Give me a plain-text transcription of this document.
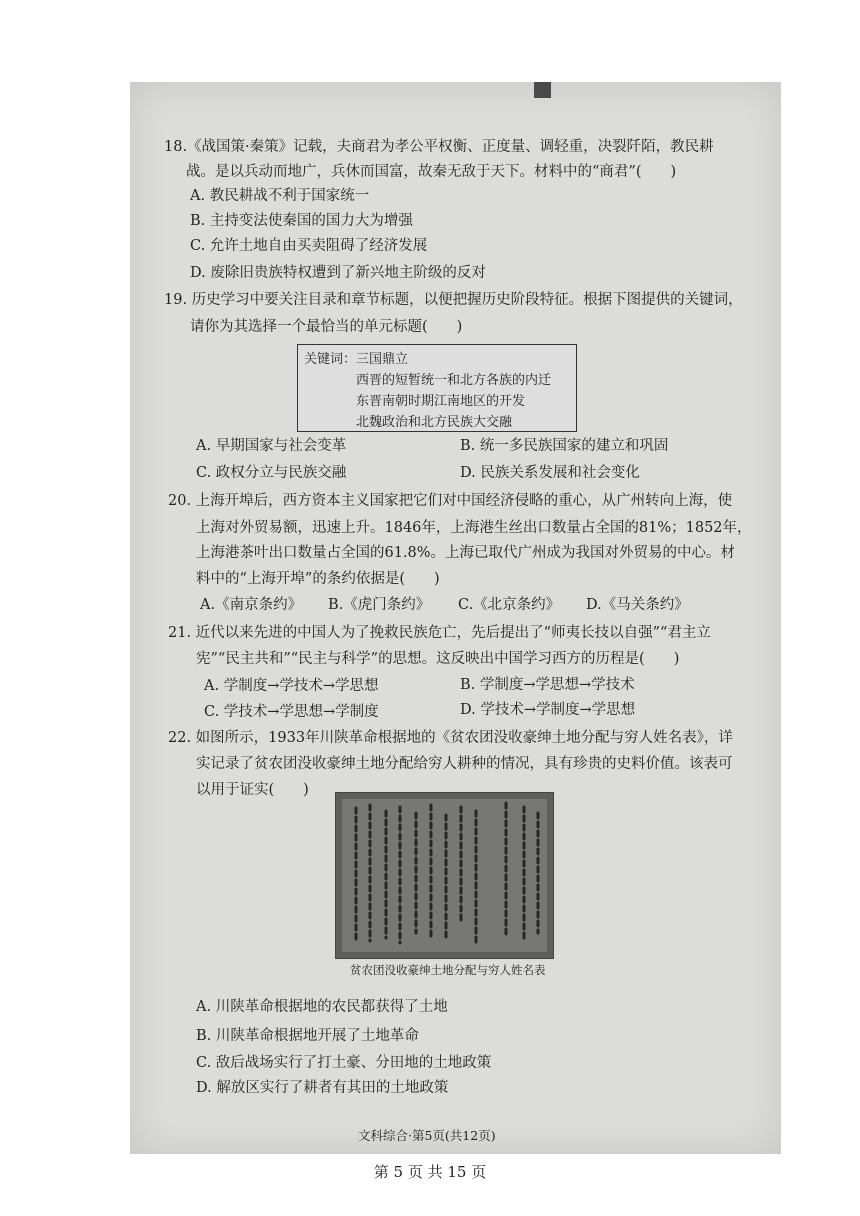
18.《战国策·秦策》记载，夫商君为孝公平权衡、正度量、调轻重，决裂阡陌，教民耕
战。是以兵动而地广，兵休而国富，故秦无敌于天下。材料中的“商君”(　　)
A. 教民耕战不利于国家统一
B. 主持变法使秦国的国力大为增强
C. 允许土地自由买卖阻碍了经济发展
D. 废除旧贵族特权遭到了新兴地主阶级的反对
19. 历史学习中要关注目录和章节标题，以便把握历史阶段特征。根据下图提供的关键词，
请你为其选择一个最恰当的单元标题(　　)
关键词：三国鼎立
西晋的短暂统一和北方各族的内迁
东晋南朝时期江南地区的开发
北魏政治和北方民族大交融
A. 早期国家与社会变革	B. 统一多民族国家的建立和巩固
C. 政权分立与民族交融	D. 民族关系发展和社会变化
20. 上海开埠后，西方资本主义国家把它们对中国经济侵略的重心，从广州转向上海，使
上海对外贸易额，迅速上升。1846年，上海港生丝出口数量占全国的81%；1852年，
上海港茶叶出口数量占全国的61.8%。上海已取代广州成为我国对外贸易的中心。材
料中的“上海开埠”的条约依据是(　　)
A.《南京条约》 B.《虎门条约》 C.《北京条约》 D.《马关条约》
21. 近代以来先进的中国人为了挽救民族危亡，先后提出了“师夷长技以自强”“君主立
宪”“民主共和”“民主与科学”的思想。这反映出中国学习西方的历程是(　　)
A. 学制度→学技术→学思想	B. 学制度→学思想→学技术
C. 学技术→学思想→学制度	D. 学技术→学制度→学思想
22. 如图所示，1933年川陕革命根据地的《贫农团没收豪绅土地分配与穷人姓名表》，详
实记录了贫农团没收豪绅土地分配给穷人耕种的情况，具有珍贵的史料价值。该表可
以用于证实(　　)
贫农团没收豪绅土地分配与穷人姓名表
A. 川陕革命根据地的农民都获得了土地
B. 川陕革命根据地开展了土地革命
C. 敌后战场实行了打土豪、分田地的土地政策
D. 解放区实行了耕者有其田的土地政策
文科综合·第5页(共12页)
第 5 页 共 15 页
